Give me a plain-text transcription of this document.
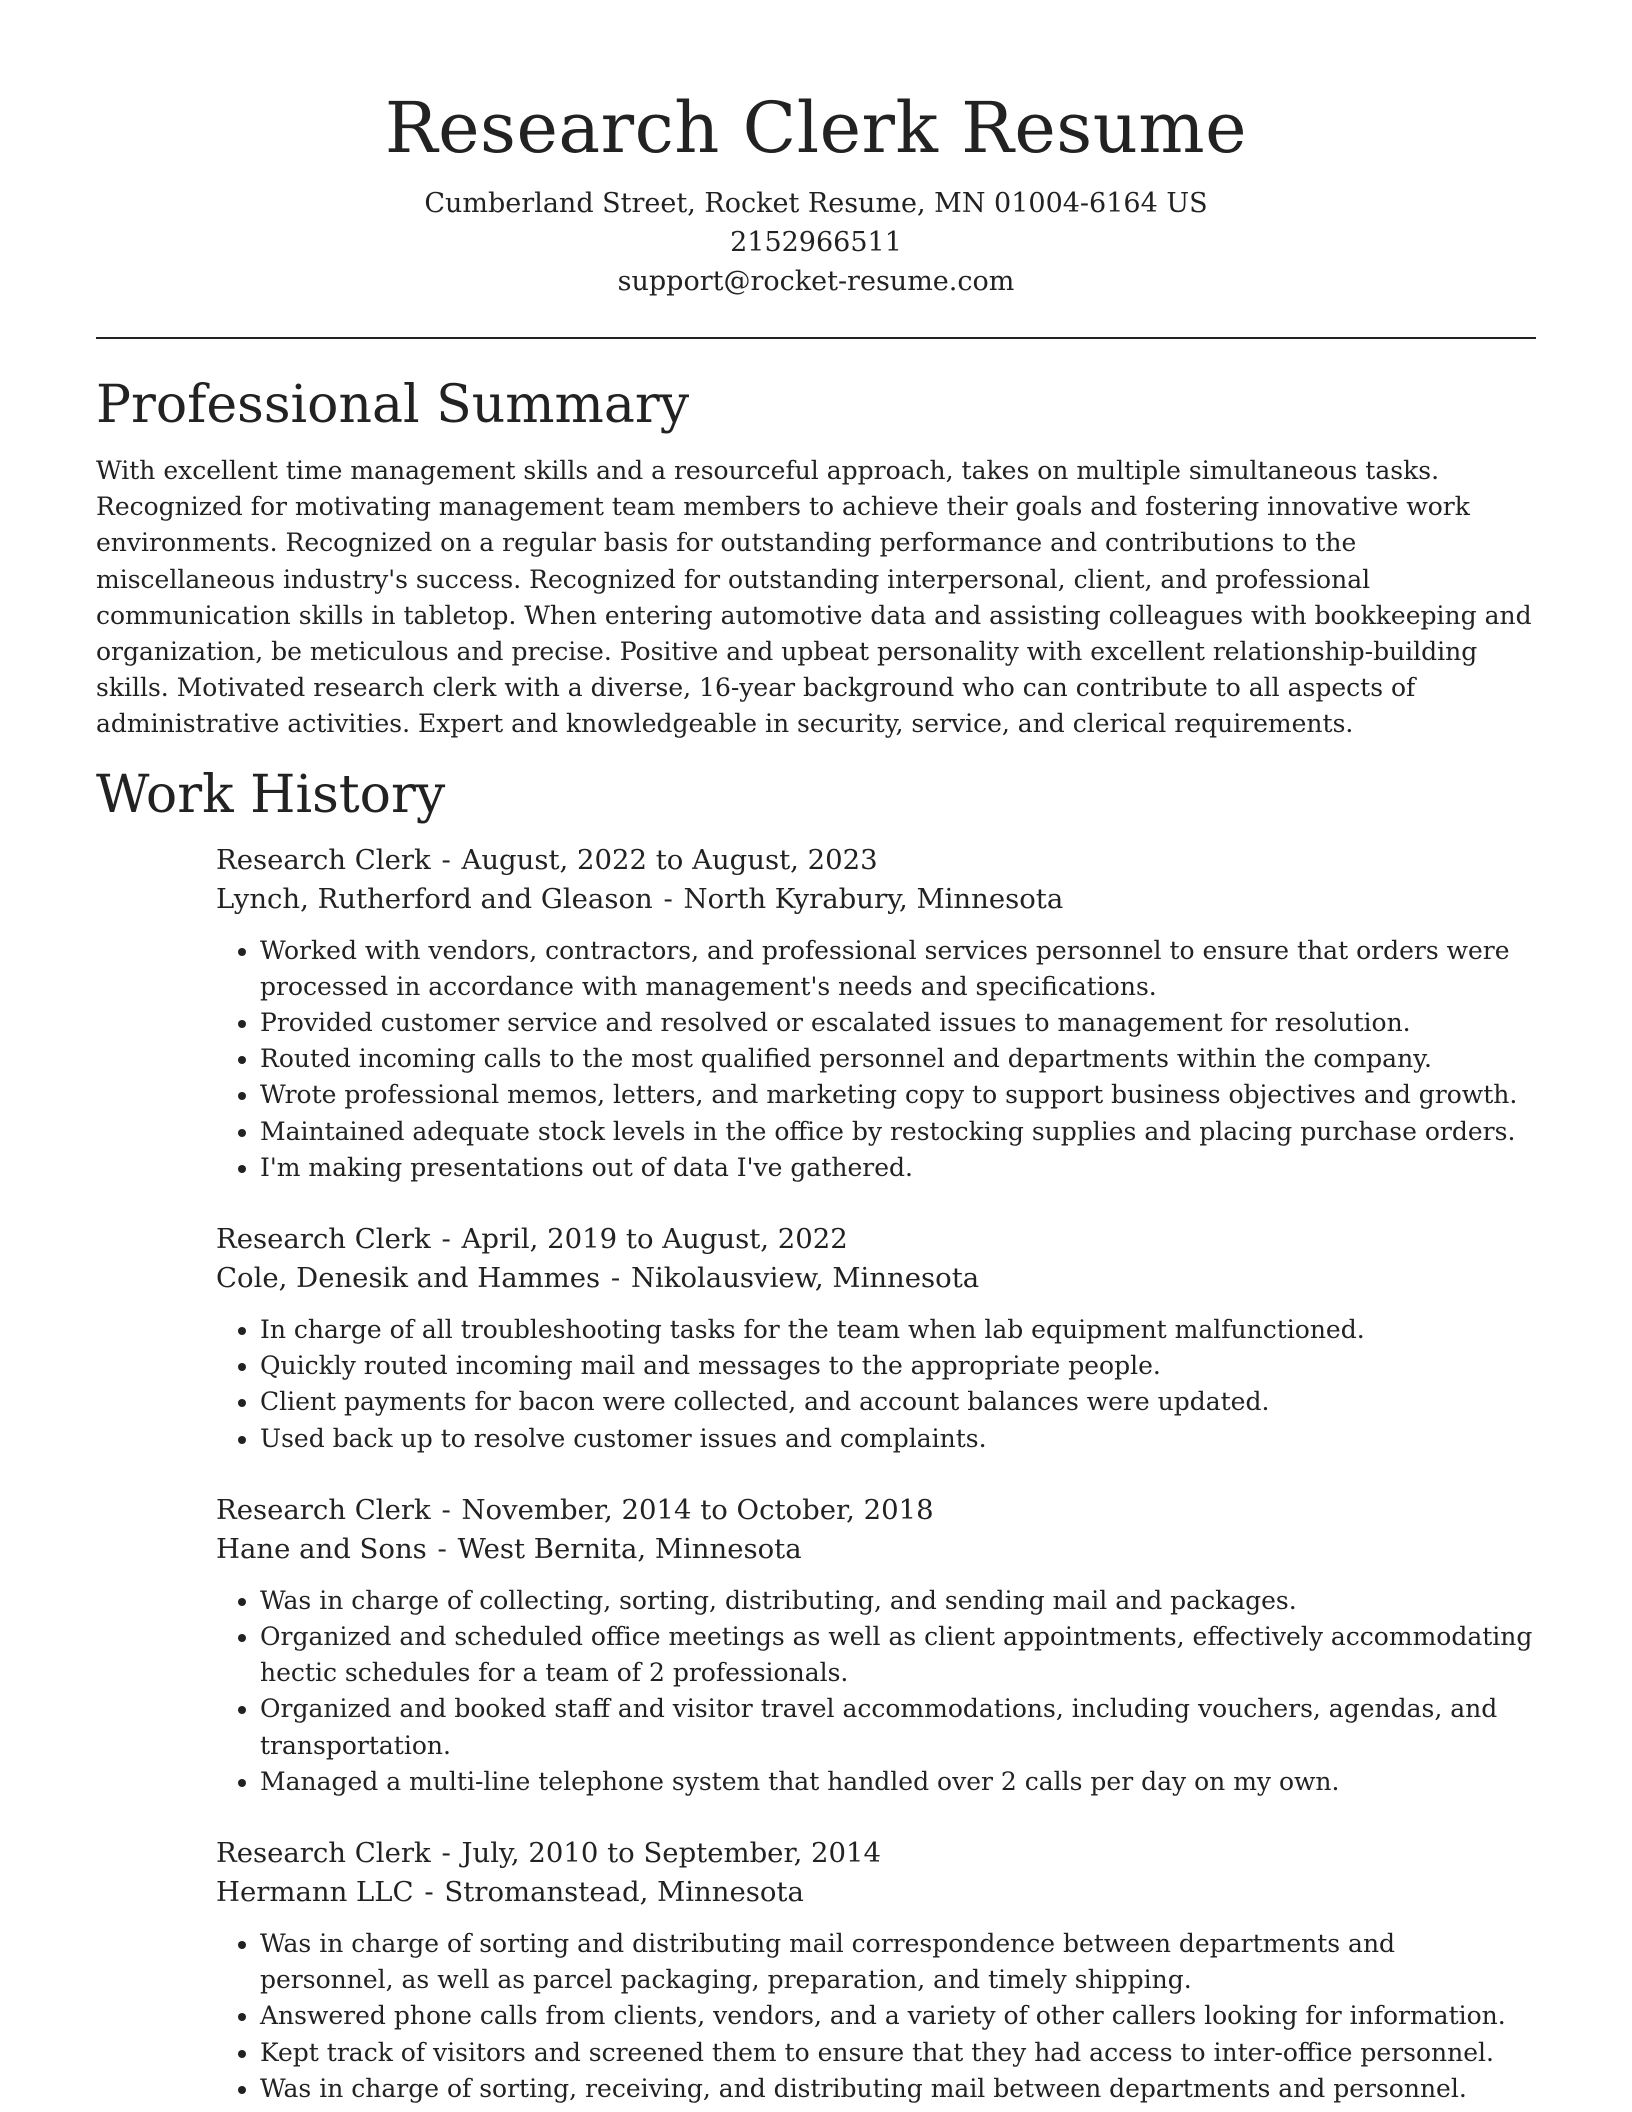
Research Clerk Resume
Cumberland Street, Rocket Resume, MN 01004-6164 US
2152966511
support@rocket-resume.com
Professional Summary

With excellent time management skills and a resourceful approach, takes on multiple simultaneous tasks. Recognized for motivating management team members to achieve their goals and fostering innovative work environments. Recognized on a regular basis for outstanding performance and contributions to the miscellaneous industry's success. Recognized for outstanding interpersonal, client, and professional communication skills in tabletop. When entering automotive data and assisting colleagues with bookkeeping and organization, be meticulous and precise. Positive and upbeat personality with excellent relationship-building skills. Motivated research clerk with a diverse, 16-year background who can contribute to all aspects of administrative activities. Expert and knowledgeable in security, service, and clerical requirements.

Work History
Research Clerk - August, 2022 to August, 2023
Lynch, Rutherford and Gleason - North Kyrabury, Minnesota
• Worked with vendors, contractors, and professional services personnel to ensure that orders were processed in accordance with management's needs and specifications.
• Provided customer service and resolved or escalated issues to management for resolution.
• Routed incoming calls to the most qualified personnel and departments within the company.
• Wrote professional memos, letters, and marketing copy to support business objectives and growth.
• Maintained adequate stock levels in the office by restocking supplies and placing purchase orders.
• I'm making presentations out of data I've gathered.
Research Clerk - April, 2019 to August, 2022
Cole, Denesik and Hammes - Nikolausview, Minnesota
• In charge of all troubleshooting tasks for the team when lab equipment malfunctioned.
• Quickly routed incoming mail and messages to the appropriate people.
• Client payments for bacon were collected, and account balances were updated.
• Used back up to resolve customer issues and complaints.
Research Clerk - November, 2014 to October, 2018
Hane and Sons - West Bernita, Minnesota
• Was in charge of collecting, sorting, distributing, and sending mail and packages.
• Organized and scheduled office meetings as well as client appointments, effectively accommodating hectic schedules for a team of 2 professionals.
• Organized and booked staff and visitor travel accommodations, including vouchers, agendas, and transportation.
• Managed a multi-line telephone system that handled over 2 calls per day on my own.
Research Clerk - July, 2010 to September, 2014
Hermann LLC - Stromanstead, Minnesota
• Was in charge of sorting and distributing mail correspondence between departments and personnel, as well as parcel packaging, preparation, and timely shipping.
• Answered phone calls from clients, vendors, and a variety of other callers looking for information.
• Kept track of visitors and screened them to ensure that they had access to inter-office personnel.
• Was in charge of sorting, receiving, and distributing mail between departments and personnel.
